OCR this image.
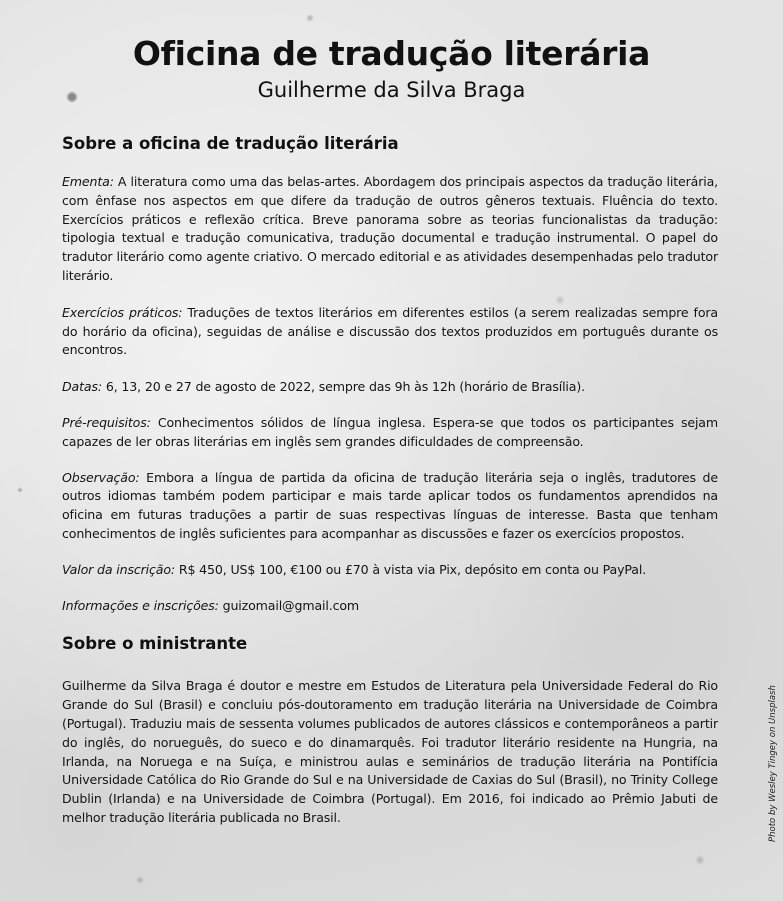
Oficina de tradução literária
Guilherme da Silva Braga
Sobre a oficina de tradução literária

Ementa: A literatura como uma das belas-artes. Abordagem dos principais aspectos da tradução literária, com ênfase nos aspectos em que difere da tradução de outros gêneros textuais. Fluência do texto. Exercícios práticos e reflexão crítica. Breve panorama sobre as teorias funcionalistas da tradução: tipologia textual e tradução comunicativa, tradução documental e tradução instrumental. O papel do tradutor literário como agente criativo. O mercado editorial e as atividades desempenhadas pelo tradutor literário.

Exercícios práticos: Traduções de textos literários em diferentes estilos (a serem realizadas sempre fora do horário da oficina), seguidas de análise e discussão dos textos produzidos em português durante os encontros.

Datas: 6, 13, 20 e 27 de agosto de 2022, sempre das 9h às 12h (horário de Brasília).

Pré-requisitos: Conhecimentos sólidos de língua inglesa. Espera-se que todos os participantes sejam capazes de ler obras literárias em inglês sem grandes dificuldades de compreensão.

Observação: Embora a língua de partida da oficina de tradução literária seja o inglês, tradutores de outros idiomas também podem participar e mais tarde aplicar todos os fundamentos aprendidos na oficina em futuras traduções a partir de suas respectivas línguas de interesse. Basta que tenham conhecimentos de inglês suficientes para acompanhar as discussões e fazer os exercícios propostos.

Valor da inscrição: R$ 450, US$ 100, €100 ou £70 à vista via Pix, depósito em conta ou PayPal.

Informações e inscrições: guizomail@gmail.com

Sobre o ministrante

Guilherme da Silva Braga é doutor e mestre em Estudos de Literatura pela Universidade Federal do Rio Grande do Sul (Brasil) e concluiu pós-doutoramento em tradução literária na Universidade de Coimbra (Portugal). Traduziu mais de sessenta volumes publicados de autores clássicos e contemporâneos a partir do inglês, do norueguês, do sueco e do dinamarquês. Foi tradutor literário residente na Hungria, na Irlanda, na Noruega e na Suíça, e ministrou aulas e seminários de tradução literária na Pontifícia Universidade Católica do Rio Grande do Sul e na Universidade de Caxias do Sul (Brasil), no Trinity College Dublin (Irlanda) e na Universidade de Coimbra (Portugal). Em 2016, foi indicado ao Prêmio Jabuti de melhor tradução literária publicada no Brasil.	Photo by Wesley Tingey on Unsplash
